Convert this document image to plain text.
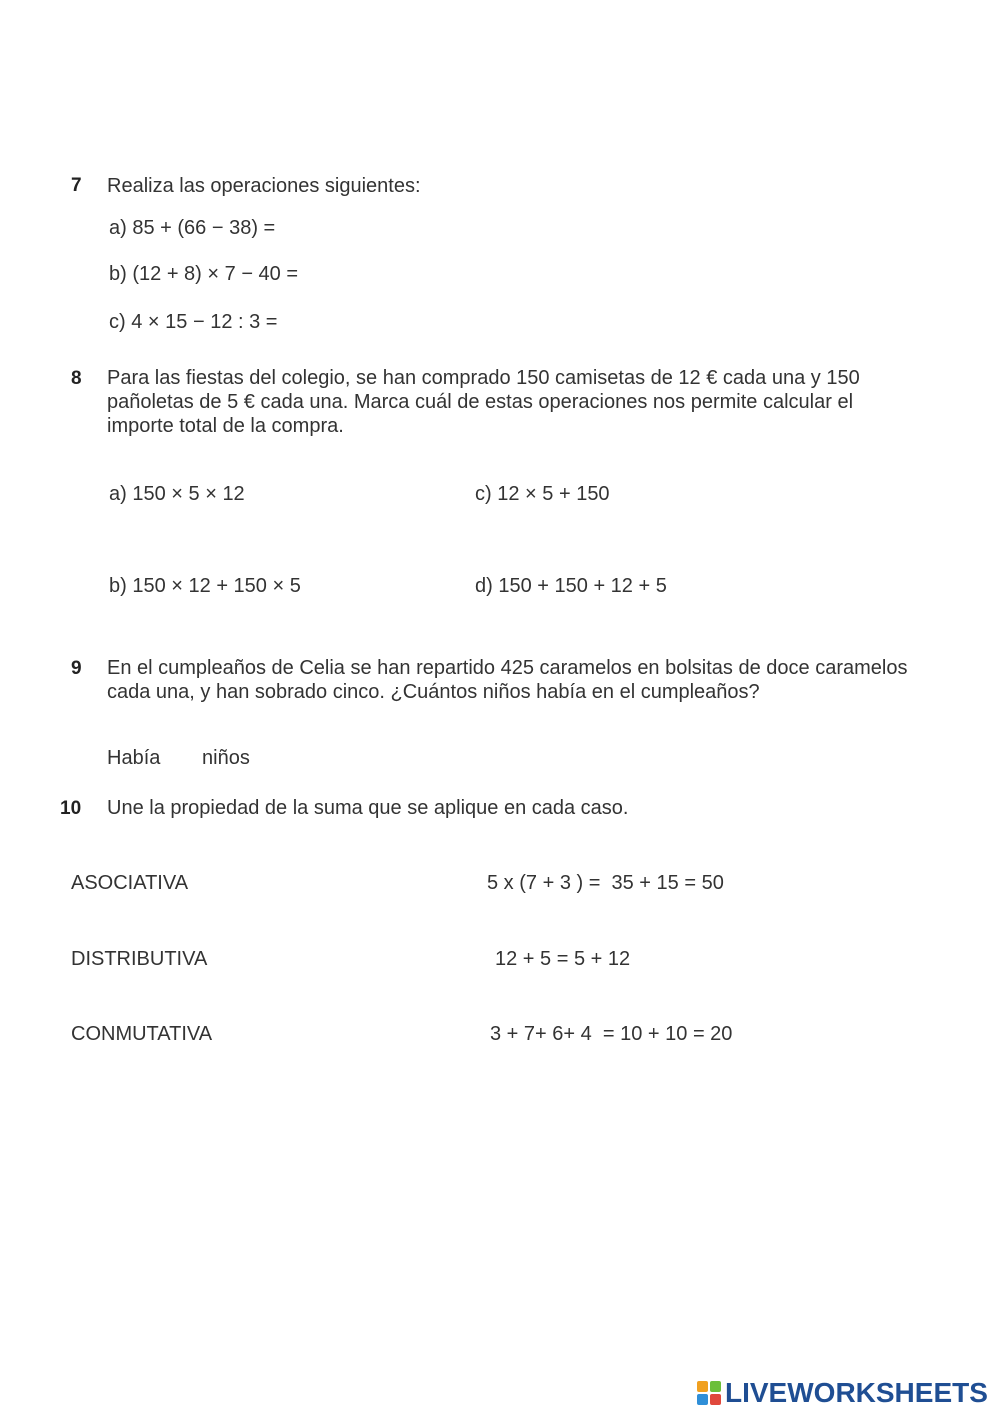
7 Realiza las operaciones siguientes:
a) 85 + (66 − 38) =
b) (12 + 8) × 7 − 40 =
c) 4 × 15 − 12 : 3 =
8 Para las fiestas del colegio, se han comprado 150 camisetas de 12 € cada una y 150 pañoletas de 5 € cada una. Marca cuál de estas operaciones nos permite calcular el importe total de la compra.
a) 150 × 5 × 12	c) 12 × 5 + 150
b) 150 × 12 + 150 × 5	d) 150 + 150 + 12 + 5
9 En el cumpleaños de Celia se han repartido 425 caramelos en bolsitas de doce caramelos cada una, y han sobrado cinco. ¿Cuántos niños había en el cumpleaños?
Había niños
10 Une la propiedad de la suma que se aplique en cada caso.
ASOCIATIVA
DISTRIBUTIVA
CONMUTATIVA
5 x (7 + 3 ) =  35 + 15 = 50
12 + 5 = 5 + 12
3 + 7+ 6+ 4  = 10 + 10 = 20
LIVEWORKSHEETS
